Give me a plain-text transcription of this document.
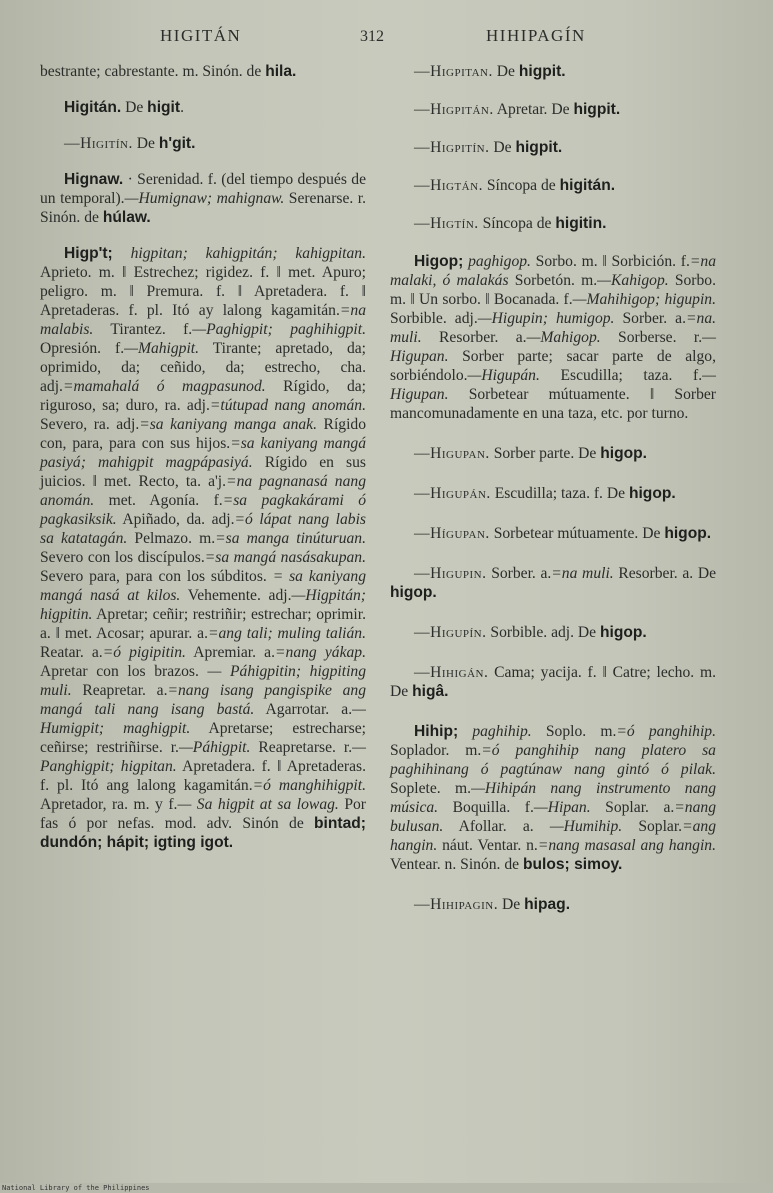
HIGITÁN	312	HIHIPAGÍN

bestrante; cabrestante. m. Sinón. de hila.

Higitán. De higit.

—Higitín. De h'git.

Hignaw. · Serenidad. f. (del tiempo después de un temporal).—Humignaw; mahignaw. Serenarse. r. Sinón. de húlaw.

Higp't; higpitan; kahigpitán; kahigpitan. Aprieto. m. ‖ Estrechez; rigidez. f. ‖ met. Apuro; peligro. m. ‖ Premura. f. ‖ Apretadera. f. ‖ Apretaderas. f. pl. Itó ay lalong kagamitán.=na malabis. Tirantez. f.—Paghigpit; paghihigpit. Opresión. f.—Mahigpit. Tirante; apretado, da; oprimido, da; ceñido, da; estrecho, cha. adj.=mamahalá ó magpasunod. Rígido, da; riguroso, sa; duro, ra. adj.=tútupad nang anomán. Severo, ra. adj.=sa kaniyang manga anak. Rígido con, para, para con sus hijos.=sa kaniyang mangá pasiyá; mahigpit magpápasiyá. Rígido en sus juicios. ‖ met. Recto, ta. a'j.=na pagnanasá nang anomán. met. Agonía. f.=sa pagkakárami ó pagkasiksik. Apiñado, da. adj.=ó lápat nang labis sa katatagán. Pelmazo. m.=sa manga tinúturuan. Severo con los discípulos.=sa mangá nasásakupan. Severo para, para con los súbditos. = sa kaniyang mangá nasá at kilos. Vehemente. adj.—Higpitán; higpitin. Apretar; ceñir; restriñir; estrechar; oprimir. a. ‖ met. Acosar; apurar. a.=ang tali; muling talián. Reatar. a.=ó pigipitin. Apremiar. a.=nang yákap. Apretar con los brazos. — Páhigpitin; higpiting muli. Reapretar. a.=nang isang pangispike ang mangá tali nang isang bastá. Agarrotar. a.—Humigpit; maghigpit. Apretarse; estrecharse; ceñirse; restriñirse. r.—Páhigpit. Reapretarse. r.—Panghigpit; higpitan. Apretadera. f. ‖ Apretaderas. f. pl. Itó ang lalong kagamitán.=ó manghihigpit. Apretador, ra. m. y f.— Sa higpit at sa lowag. Por fas ó por nefas. mod. adv. Sinón de bintad; dundón; hápit; igting igot.

—Higpitan. De higpit.

—Higpitán. Apretar. De higpit.

—Higpitín. De higpit.

—Higtán. Síncopa de higitán.

—Higtín. Síncopa de higitin.

Higop; paghigop. Sorbo. m. ‖ Sorbición. f.=na malaki, ó malakás Sorbetón. m.—Kahigop. Sorbo. m. ‖ Un sorbo. ‖ Bocanada. f.—Mahihigop; higupin. Sorbible. adj.—Higupin; humigop. Sorber. a.=na. muli. Resorber. a.—Mahigop. Sorberse. r.—Higupan. Sorber parte; sacar parte de algo, sorbiéndolo.—Higupán. Escudilla; taza. f.—Higupan. Sorbetear mútuamente. ‖ Sorber mancomunadamente en una taza, etc. por turno.

—Higupan. Sorber parte. De higop.

—Higupán. Escudilla; taza. f. De higop.

—Hígupan. Sorbetear mútuamente. De higop.

—Higupin. Sorber. a.=na muli. Resorber. a. De higop.

—Higupín. Sorbible. adj. De higop.

—Hihigán. Cama; yacija. f. ‖ Catre; lecho. m. De higâ.

Hihip; paghihip. Soplo. m.=ó panghihip. Soplador. m.=ó panghihip nang platero sa paghihinang ó pagtúnaw nang gintó ó pilak. Soplete. m.—Hihipán nang instrumento nang música. Boquilla. f.—Hipan. Soplar. a.=nang bulusan. Afollar. a. —Humihip. Soplar.=ang hangin. náut. Ventar. n.=nang masasal ang hangin. Ventear. n. Sinón. de bulos; simoy.

—Hihipagin. De hipag.

National Library of the Philippines
